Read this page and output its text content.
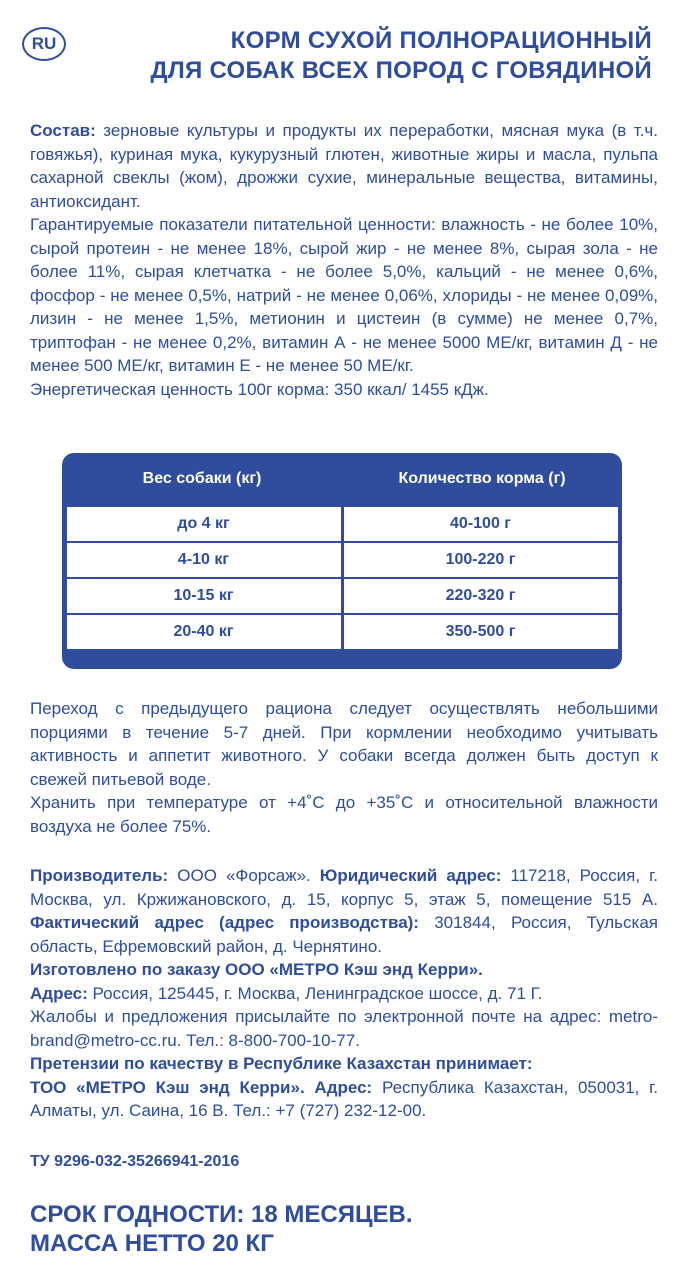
RU	КОРМ СУХОЙ ПОЛНОРАЦИОННЫЙ
ДЛЯ СОБАК ВСЕХ ПОРОД С ГОВЯДИНОЙ

Состав: зерновые культуры и продукты их переработки, мясная мука (в т.ч. говяжья), куриная мука, кукурузный глютен, животные жиры и масла, пульпа сахарной свеклы (жом), дрожжи сухие, минеральные вещества, витамины, антиоксидант.

Гарантируемые показатели питательной ценности: влажность - не более 10%, сырой протеин - не менее 18%, сырой жир - не менее 8%, сырая зола - не более 11%, сырая клетчатка - не более 5,0%, кальций - не менее 0,6%, фосфор - не менее 0,5%, натрий - не менее 0,06%, хлориды - не менее 0,09%, лизин - не менее 1,5%, метионин и цистеин (в сумме) не менее 0,7%, триптофан - не менее 0,2%, витамин А - не менее 5000 МЕ/кг, витамин Д - не менее 500 МЕ/кг, витамин Е - не менее 50 МЕ/кг.

Энергетическая ценность 100г корма: 350 ккал/ 1455 кДж.

Вес собаки (кг)	Количество корма (г)
до 4 кг	40-100 г
4-10 кг	100-220 г
10-15 кг	220-320 г
20-40 кг	350-500 г

Переход с предыдущего рациона следует осуществлять небольшими порциями в течение 5-7 дней. При кормлении необходимо учитывать активность и аппетит животного. У собаки всегда должен быть доступ к свежей питьевой воде.

Хранить при температуре от +4˚С до +35˚С и относительной влажности воздуха не более 75%.

Производитель: ООО «Форсаж». Юридический адрес: 117218, Россия, г. Москва, ул. Кржижановского, д. 15, корпус 5, этаж 5, помещение 515 А. Фактический адрес (адрес производства): 301844, Россия, Тульская область, Ефремовский район, д. Чернятино.

Изготовлено по заказу ООО «МЕТРО Кэш энд Керри».

Адрес: Россия, 125445, г. Москва, Ленинградское шоссе, д. 71 Г.

Жалобы и предложения присылайте по электронной почте на адрес: metro-brand@metro-cc.ru. Тел.: 8-800-700-10-77.

Претензии по качеству в Республике Казахстан принимает:

ТОО «МЕТРО Кэш энд Керри». Адрес: Республика Казахстан, 050031, г. Алматы, ул. Саина, 16 В. Тел.: +7 (727) 232-12-00.

ТУ 9296-032-35266941-2016
СРОК ГОДНОСТИ: 18 МЕСЯЦЕВ.
МАССА НЕТТО 20 КГ
